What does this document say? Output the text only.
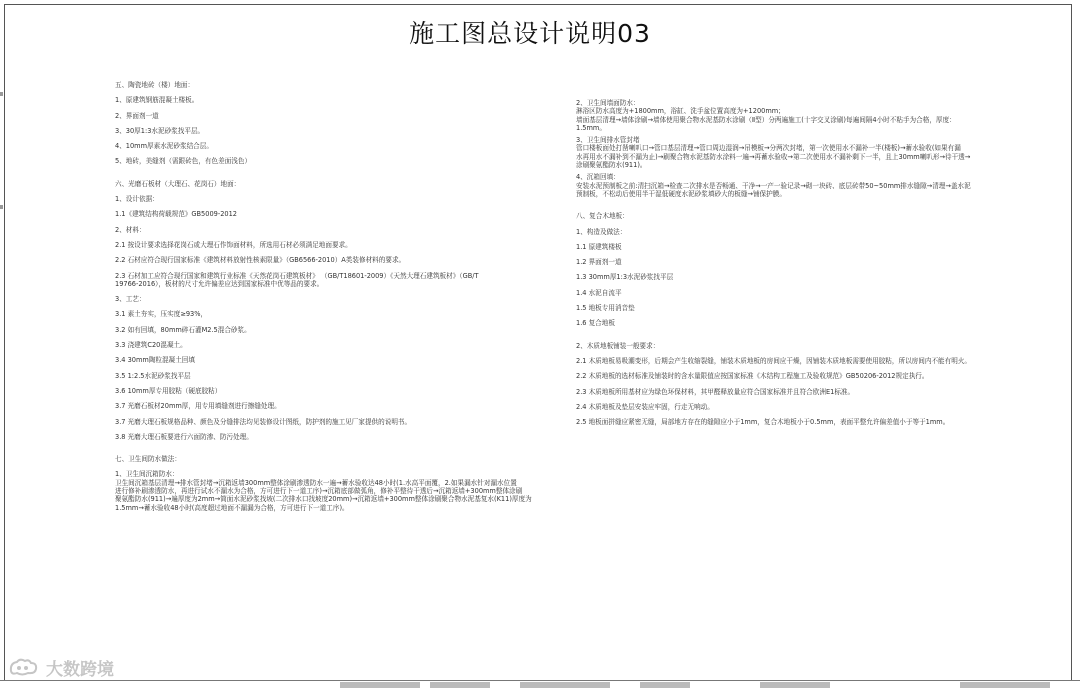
施工图总设计说明03

五、陶瓷地砖（楼）地面：

1、原建筑钢筋混凝土楼板。

2、界面剂一道

3、30厚1:3水泥砂浆找平层。

4、10mm厚素水泥砂浆结合层。

5、地砖，美缝剂（需跟砖色，有色差面浅色）

六、光磨石板材（大理石、花岗石）地面：

1、设计依据：

1.1《建筑结构荷载规范》GB5009-2012

2、材料：

2.1 按设计要求选择花岗石或大理石作饰面材料，所选用石材必须满足地面要求。

2.2 石材应符合现行国家标准《建筑材料放射性核素限量》（GB6566-2010）A类装修材料的要求。

2.3 石材加工应符合现行国家和建筑行业标准《天然花岗石建筑板材》 （GB/T18601-2009）《天然大理石建筑板材》（GB/T

19766-2016），板材的尺寸允许偏差应达到国家标准中优等品的要求。

3、工艺：

3.1 素土夯实，压实度≥93%，

3.2 如有回填，80mm碎石灌M2.5混合砂浆。

3.3 浇建筑C20混凝土。

3.4 30mm陶粒混凝土回填

3.5 1:2.5水泥砂浆找平层

3.6 10mm厚专用胶粘（硬底胶粘）

3.7 光磨石板材20mm厚，用专用填缝剂进行擦缝处理。

3.7 光磨大理石板规格品种、颜色及分缝排法均见装修设计图纸，防护剂的施工见厂家提供的说明书。

3.8 光磨大理石板要进行六面防渗、防污处理。

七、卫生间防水做法：

1、卫生间沉箱防水：

卫生间沉箱基层清理→排水管封堵→沉箱返墙300mm整体涂刷渗透防水一遍→蓄水验收达48小时(1.水高平面覆，2.如果漏水针对漏水位置

进行修补刷渗透防水，再进行试水不漏水为合格，方可进行下一道工序)→沉箱底部做弧角，修补平整待干透后→沉箱返墙+300mm整体涂刷

聚氨酯防水(911)→遍厚度为2mm→简面水泥砂浆找坡(二次排水口找坡度20mm)→沉箱返墙+300mm整体涂刷聚合物水泥基复水(K11)厚度为

1.5mm→蓄水验收48小时(高度超过地面不漏漏为合格，方可进行下一道工序)。

2、卫生间墙面防水：

淋浴区防水高度为+1800mm，浴缸、洗手盆位置高度为+1200mm；

墙面基层清理→墙体涂刷→墙体使用聚合物水泥基防水涂刷（Ⅱ型）分两遍施工(十字交叉涂刷)每遍间隔4小时不粘手为合格，厚度：

1.5mm。

3、卫生间排水管封堵

管口楼板面处打凿喇叭口→管口基层清理→管口周边湿润→吊模板→分两次封堵，第一次使用水不漏补一半(楼板)→蓄水验收(如果有漏

水再用水不漏补到不漏为止)→刷聚合物水泥基防水涂料一遍→再蓄水验收→第二次使用水不漏补剩下一半，且上30mm喇叭形→待干透→

涂刷聚氨酯防水(911)。

4、沉箱回填：

安装水泥预制板之前:清扫沉箱→检查二次排水是否畅通、干净→一产一验记录→砌一块砖、底层砖带50~50mm排水缝隙→清理→盖水泥

预制板，不松动后使用半干湿低硬度水泥砂浆填砂大的板缝→铺保护膜。

八、复合木地板：

1、构造及做法：

1.1 原建筑楼板

1.2 界面剂一道

1.3 30mm厚1:3水泥砂浆找平层

1.4 水泥自流平

1.5 地板专用消音垫

1.6 复合地板

2、木质地板铺装一般要求：

2.1 木质地板易吸潮变形，后期会产生收缩裂缝，铺装木质地板的房间应干燥，因铺装木质地板需要使用胶粘，所以房间内不能有明火。

2.2 木质地板的选材标准及铺装时的含水量限值应按国家标准《木结构工程施工及验收规范》GB50206-2012规定执行。

2.3 木质地板所用基材应为绿色环保材料，其甲醛释放量应符合国家标准并且符合欧洲E1标准。

2.4 木质地板及垫层安装应牢固，行走无响动。

2.5 地板面拼缝应紧密无缝，局部地方存在的缝隙应小于1mm，复合木地板小于0.5mm，表面平整允许偏差值小于等于1mm。

大数跨境
